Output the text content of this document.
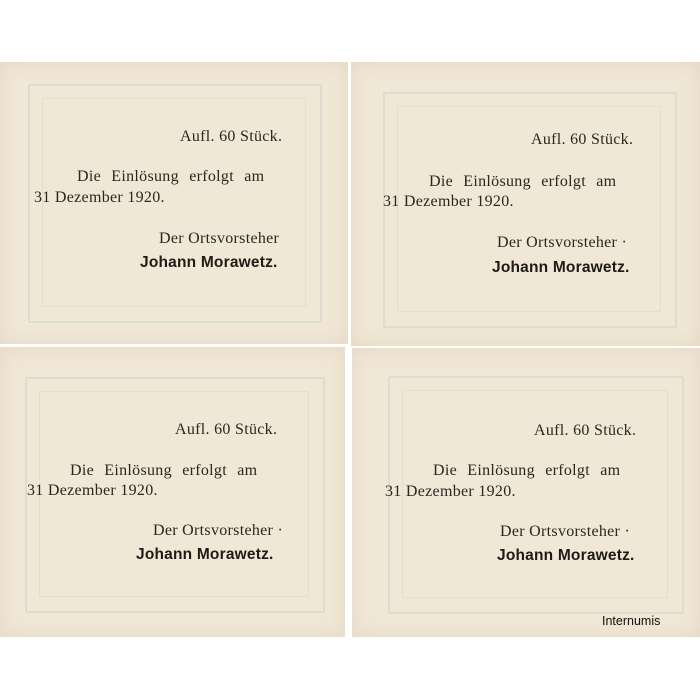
Aufl. 60 Stück.
Die Einlösung erfolgt am
31 Dezember 1920.
Der Ortsvorsteher
Johann Morawetz.
Aufl. 60 Stück.
Die Einlösung erfolgt am
31 Dezember 1920.
Der Ortsvorsteher ·
Johann Morawetz.
Aufl. 60 Stück.
Die Einlösung erfolgt am
31 Dezember 1920.
Der Ortsvorsteher ·
Johann Morawetz.
Aufl. 60 Stück.
Die Einlösung erfolgt am
31 Dezember 1920.
Der Ortsvorsteher ·
Johann Morawetz.
Internumis
